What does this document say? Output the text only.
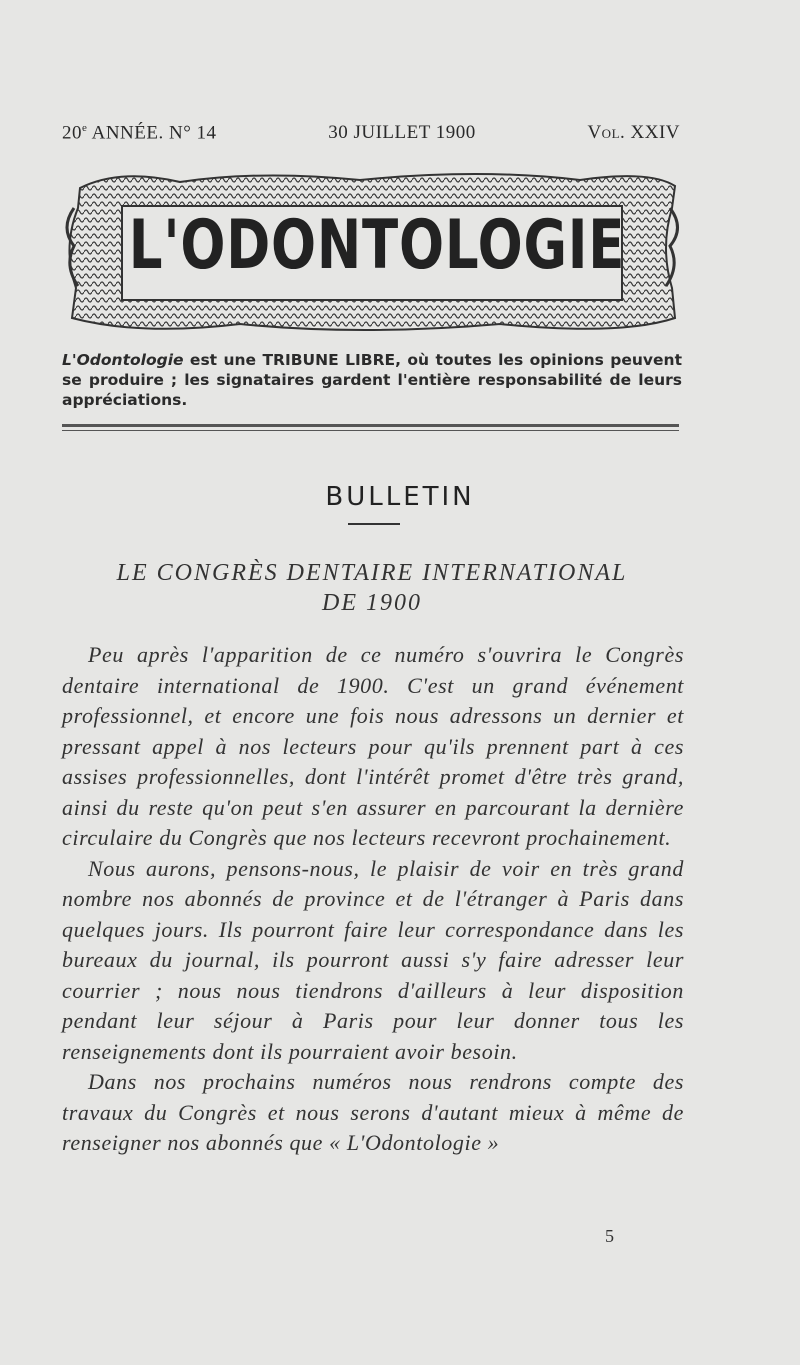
20e ANNÉE. N° 14	30 JUILLET 1900	Vol. XXIV
L'ODONTOLOGIE
L'Odontologie est une TRIBUNE LIBRE, où toutes les opinions peuvent se produire ; les signataires gardent l'entière responsabilité de leurs appréciations.
BULLETIN
LE CONGRÈS DENTAIRE INTERNATIONAL
DE 1900

Peu après l'apparition de ce numéro s'ouvrira le Congrès dentaire international de 1900. C'est un grand événement professionnel, et encore une fois nous adressons un dernier et pressant appel à nos lecteurs pour qu'ils prennent part à ces assises professionnelles, dont l'intérêt promet d'être très grand, ainsi du reste qu'on peut s'en assurer en parcourant la dernière circulaire du Congrès que nos lecteurs recevront prochainement.

Nous aurons, pensons-nous, le plaisir de voir en très grand nombre nos abonnés de province et de l'étranger à Paris dans quelques jours. Ils pourront faire leur correspondance dans les bureaux du journal, ils pourront aussi s'y faire adresser leur courrier ; nous nous tiendrons d'ailleurs à leur disposition pendant leur séjour à Paris pour leur donner tous les renseignements dont ils pourraient avoir besoin.

Dans nos prochains numéros nous rendrons compte des travaux du Congrès et nous serons d'autant mieux à même de renseigner nos abonnés que « L'Odontologie »

5
